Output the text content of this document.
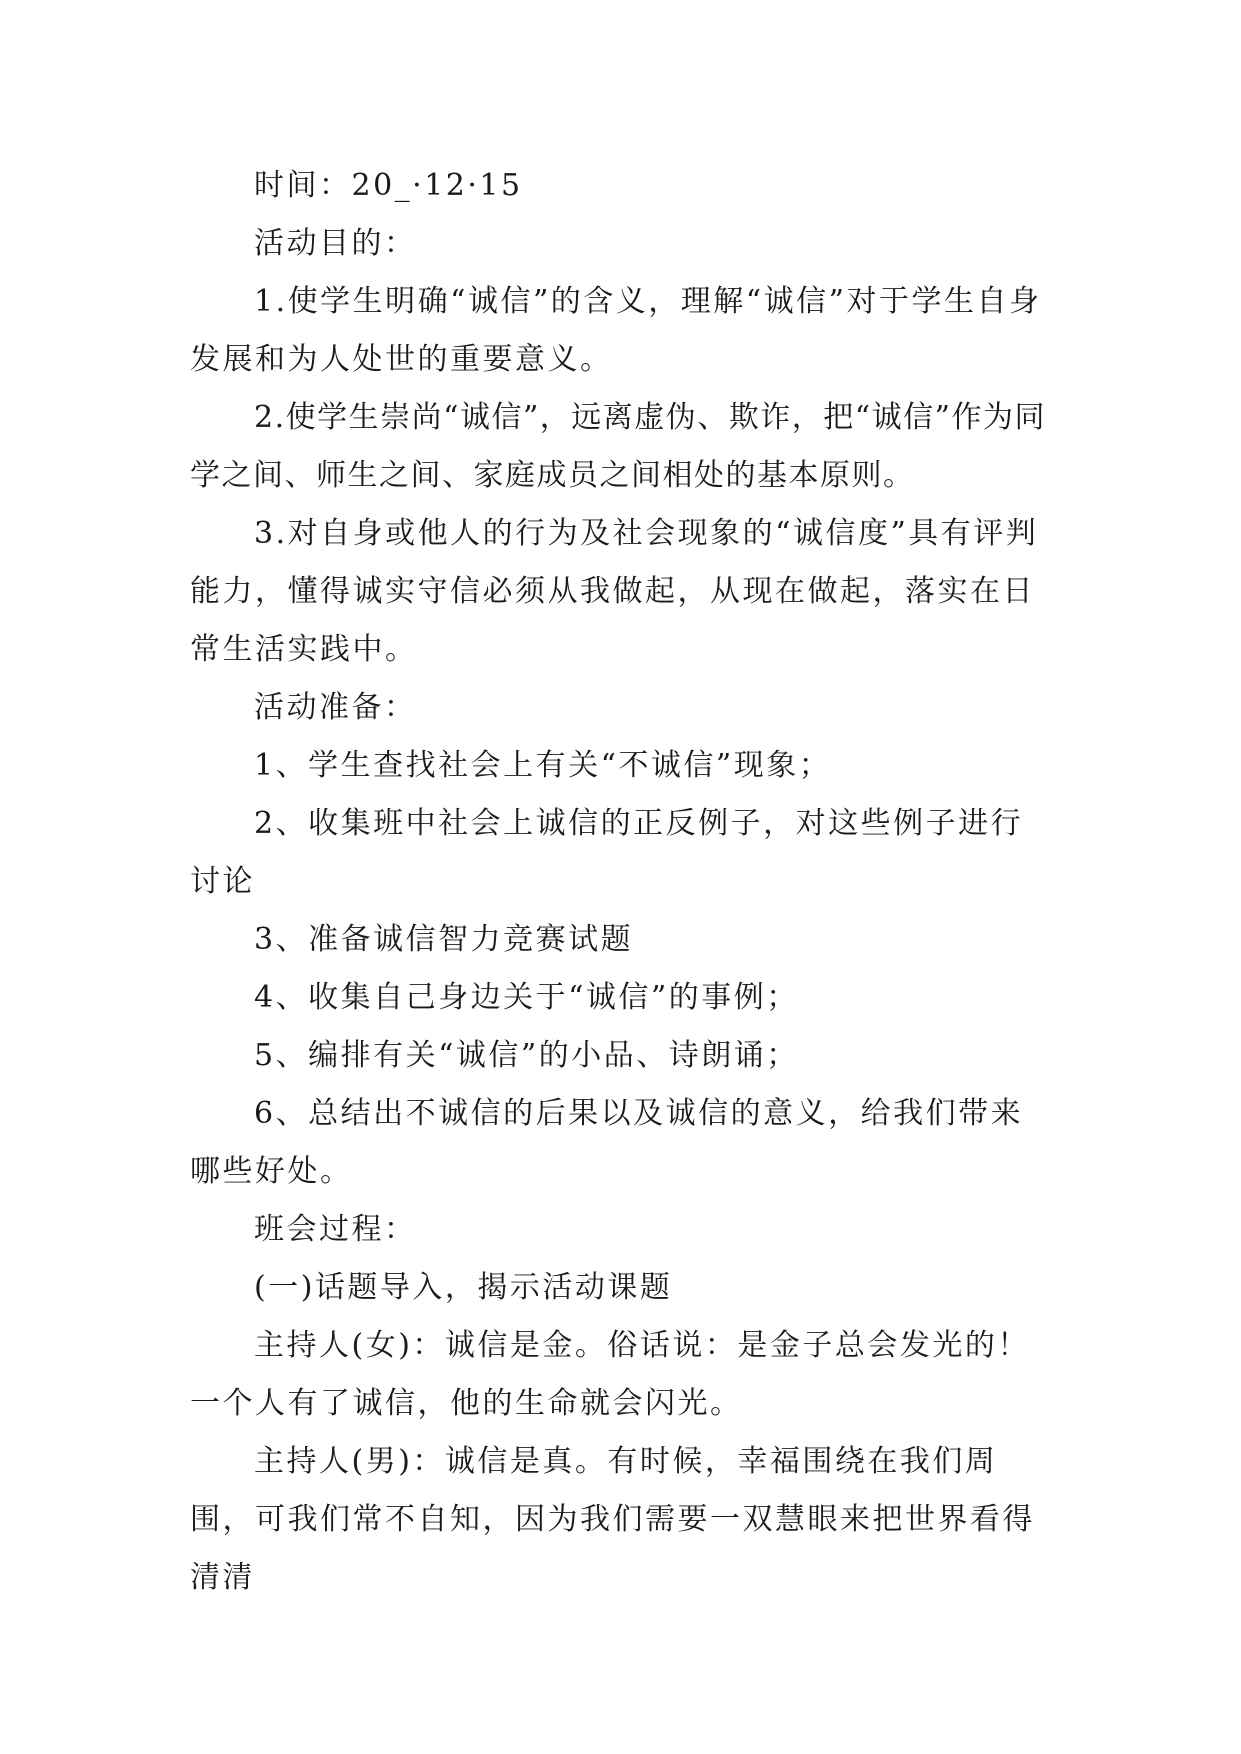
时间：20_·12·15

活动目的：

1.使学生明确“诚信”的含义，理解“诚信”对于学生自身发展和为人处世的重要意义。

2.使学生崇尚“诚信”，远离虚伪、欺诈，把“诚信”作为同学之间、师生之间、家庭成员之间相处的基本原则。

3.对自身或他人的行为及社会现象的“诚信度”具有评判能力，懂得诚实守信必须从我做起，从现在做起，落实在日常生活实践中。

活动准备：

1、学生查找社会上有关“不诚信”现象；

2、收集班中社会上诚信的正反例子，对这些例子进行讨论

3、准备诚信智力竞赛试题

4、收集自己身边关于“诚信”的事例；

5、编排有关“诚信”的小品、诗朗诵；

6、总结出不诚信的后果以及诚信的意义，给我们带来哪些好处。

班会过程：

(一)话题导入，揭示活动课题

主持人(女)：诚信是金。俗话说：是金子总会发光的！一个人有了诚信，他的生命就会闪光。

主持人(男)：诚信是真。有时候，幸福围绕在我们周围，可我们常不自知，因为我们需要一双慧眼来把世界看得清清
